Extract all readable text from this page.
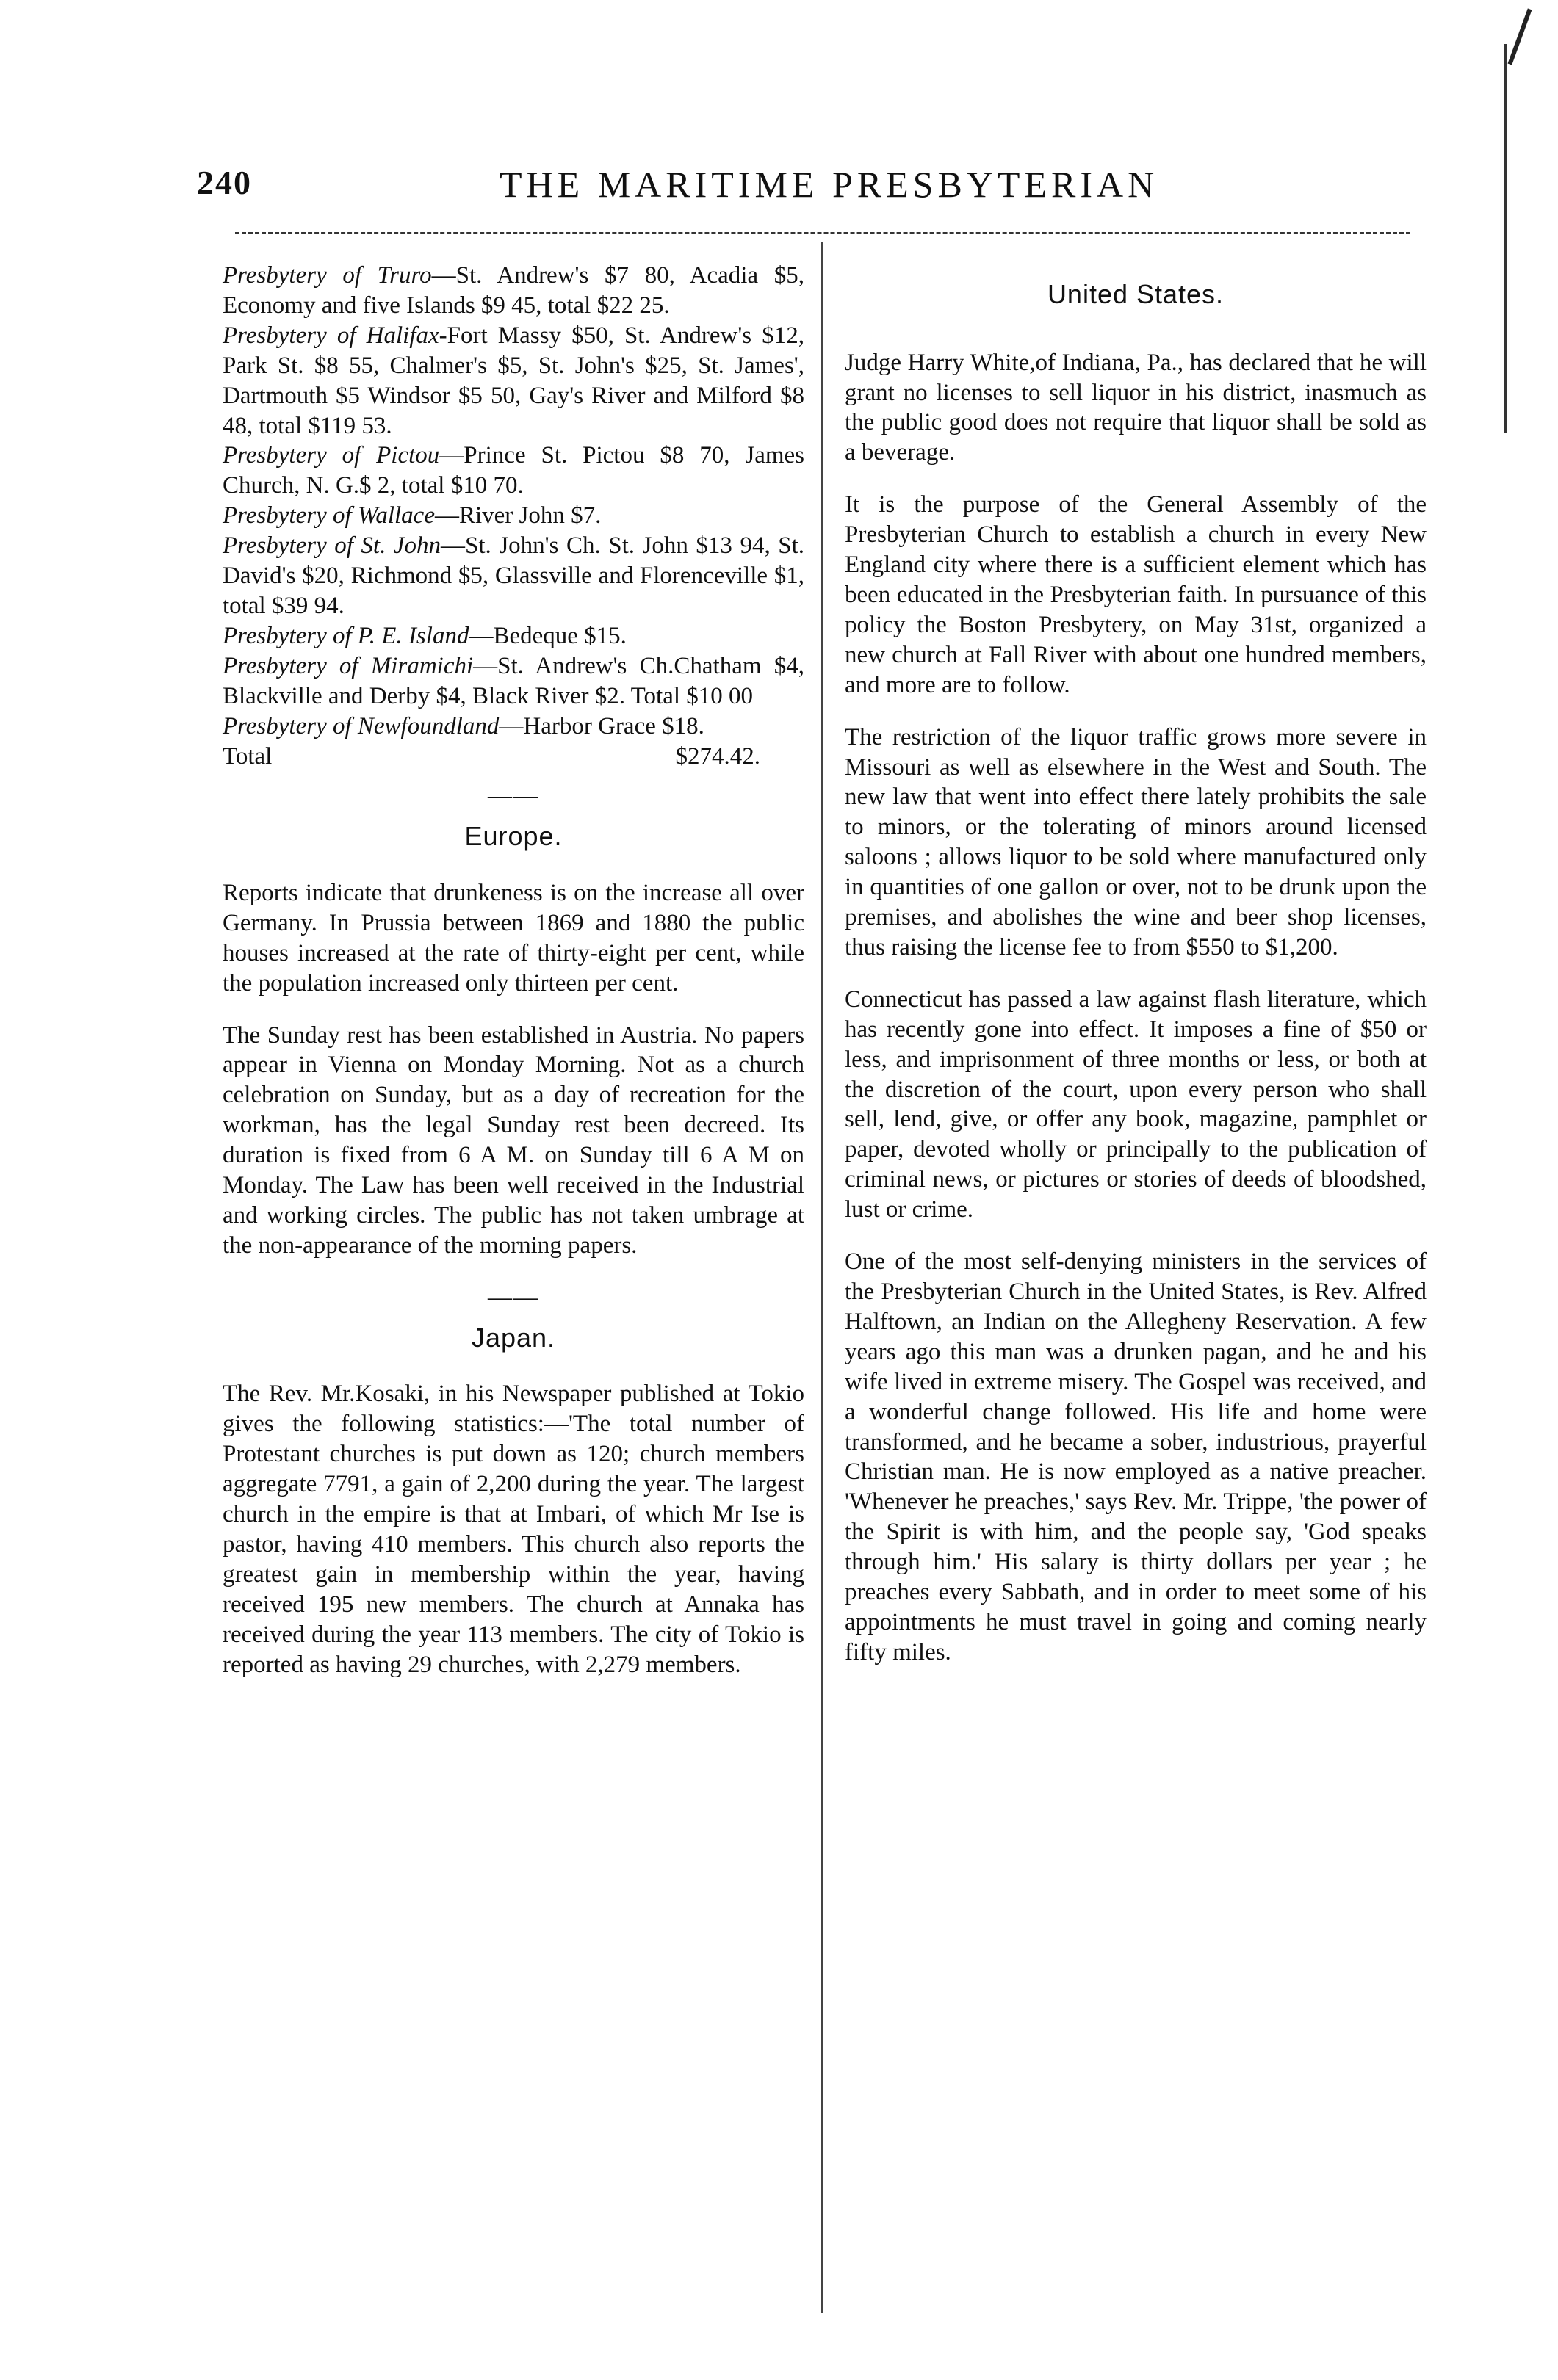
240	THE MARITIME PRESBYTERIAN

Presbytery of Truro—St. Andrew's $7 80, Acadia $5, Economy and five Islands $9 45, total $22 25.

Presbytery of Halifax-Fort Massy $50, St. Andrew's $12, Park St. $8 55, Chalmer's $5, St. John's $25, St. James', Dartmouth $5 Windsor $5 50, Gay's River and Milford $8 48, total $119 53.

Presbytery of Pictou—Prince St. Pictou $8 70, James Church, N. G.$ 2, total $10 70.

Presbytery of Wallace—River John $7.

Presbytery of St. John—St. John's Ch. St. John $13 94, St. David's $20, Richmond $5, Glassville and Florenceville $1, total $39 94.

Presbytery of P. E. Island—Bedeque $15.

Presbytery of Miramichi—St. Andrew's Ch.Chatham $4, Blackville and Derby $4, Black River $2. Total $10 00

Presbytery of Newfoundland—Harbor Grace $18.

Total	$274.42.

——
Europe.

Reports indicate that drunkeness is on the increase all over Germany. In Prussia between 1869 and 1880 the public houses increased at the rate of thirty-eight per cent, while the population increased only thirteen per cent.

The Sunday rest has been established in Austria. No papers appear in Vienna on Monday Morning. Not as a church celebration on Sunday, but as a day of recreation for the workman, has the legal Sunday rest been decreed. Its duration is fixed from 6 A M. on Sunday till 6 A M on Monday. The Law has been well received in the Industrial and working circles. The public has not taken umbrage at the non-appearance of the morning papers.

——
Japan.

The Rev. Mr.Kosaki, in his Newspaper published at Tokio gives the following statistics:—'The total number of Protestant churches is put down as 120; church members aggregate 7791, a gain of 2,200 during the year. The largest church in the empire is that at Imbari, of which Mr Ise is pastor, having 410 members. This church also reports the greatest gain in membership within the year, having received 195 new members. The church at Annaka has received during the year 113 members. The city of Tokio is reported as having 29 churches, with 2,279 members.

United States.

Judge Harry White,of Indiana, Pa., has declared that he will grant no licenses to sell liquor in his district, inasmuch as the public good does not require that liquor shall be sold as a beverage.

It is the purpose of the General Assembly of the Presbyterian Church to establish a church in every New England city where there is a sufficient element which has been educated in the Presbyterian faith. In pursuance of this policy the Boston Presbytery, on May 31st, organized a new church at Fall River with about one hundred members, and more are to follow.

The restriction of the liquor traffic grows more severe in Missouri as well as elsewhere in the West and South. The new law that went into effect there lately prohibits the sale to minors, or the tolerating of minors around licensed saloons ; allows liquor to be sold where manufactured only in quantities of one gallon or over, not to be drunk upon the premises, and abolishes the wine and beer shop licenses, thus raising the license fee to from $550 to $1,200.

Connecticut has passed a law against flash literature, which has recently gone into effect. It imposes a fine of $50 or less, and imprisonment of three months or less, or both at the discretion of the court, upon every person who shall sell, lend, give, or offer any book, magazine, pamphlet or paper, devoted wholly or principally to the publication of criminal news, or pictures or stories of deeds of bloodshed, lust or crime.

One of the most self-denying ministers in the services of the Presbyterian Church in the United States, is Rev. Alfred Halftown, an Indian on the Allegheny Reservation. A few years ago this man was a drunken pagan, and he and his wife lived in extreme misery. The Gospel was received, and a wonderful change followed. His life and home were transformed, and he became a sober, industrious, prayerful Christian man. He is now employed as a native preacher. 'Whenever he preaches,' says Rev. Mr. Trippe, 'the power of the Spirit is with him, and the people say, 'God speaks through him.' His salary is thirty dollars per year ; he preaches every Sabbath, and in order to meet some of his appointments he must travel in going and coming nearly fifty miles.
